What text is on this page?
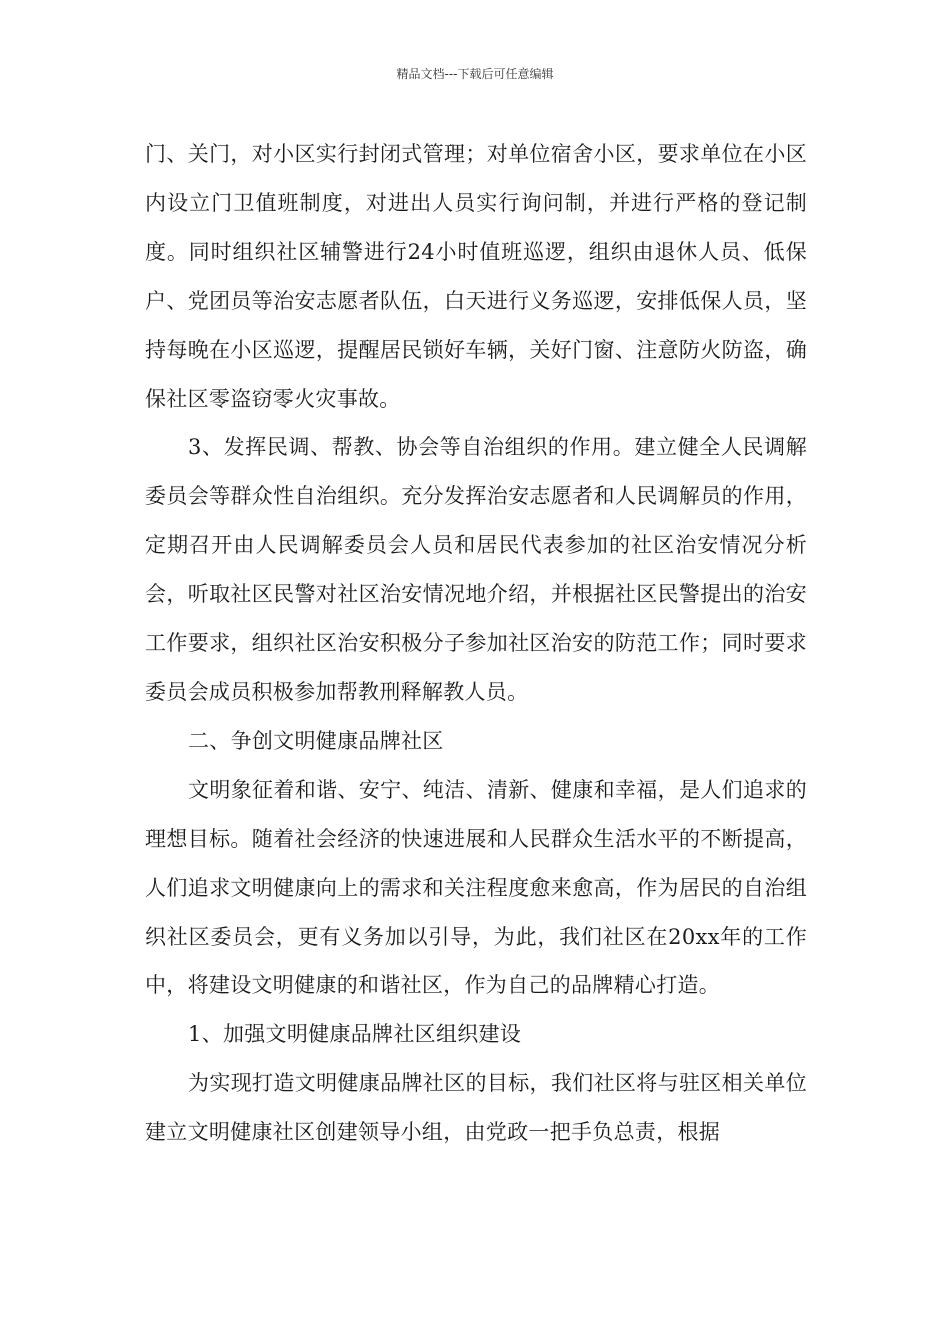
精品文档---下载后可任意编辑

门、关门，对小区实行封闭式管理；对单位宿舍小区，要求单位在小区内设立门卫值班制度，对进出人员实行询问制，并进行严格的登记制度。同时组织社区辅警进行24小时值班巡逻，组织由退休人员、低保户、党团员等治安志愿者队伍，白天进行义务巡逻，安排低保人员，坚持每晚在小区巡逻，提醒居民锁好车辆，关好门窗、注意防火防盗，确保社区零盗窃零火灾事故。

3、发挥民调、帮教、协会等自治组织的作用。建立健全人民调解委员会等群众性自治组织。充分发挥治安志愿者和人民调解员的作用，定期召开由人民调解委员会人员和居民代表参加的社区治安情况分析会，听取社区民警对社区治安情况地介绍，并根据社区民警提出的治安工作要求，组织社区治安积极分子参加社区治安的防范工作；同时要求委员会成员积极参加帮教刑释解教人员。

二、争创文明健康品牌社区

文明象征着和谐、安宁、纯洁、清新、健康和幸福，是人们追求的理想目标。随着社会经济的快速进展和人民群众生活水平的不断提高，人们追求文明健康向上的需求和关注程度愈来愈高，作为居民的自治组织社区委员会，更有义务加以引导，为此，我们社区在20xx年的工作中，将建设文明健康的和谐社区，作为自己的品牌精心打造。

1、加强文明健康品牌社区组织建设

为实现打造文明健康品牌社区的目标，我们社区将与驻区相关单位建立文明健康社区创建领导小组，由党政一把手负总责，根据
